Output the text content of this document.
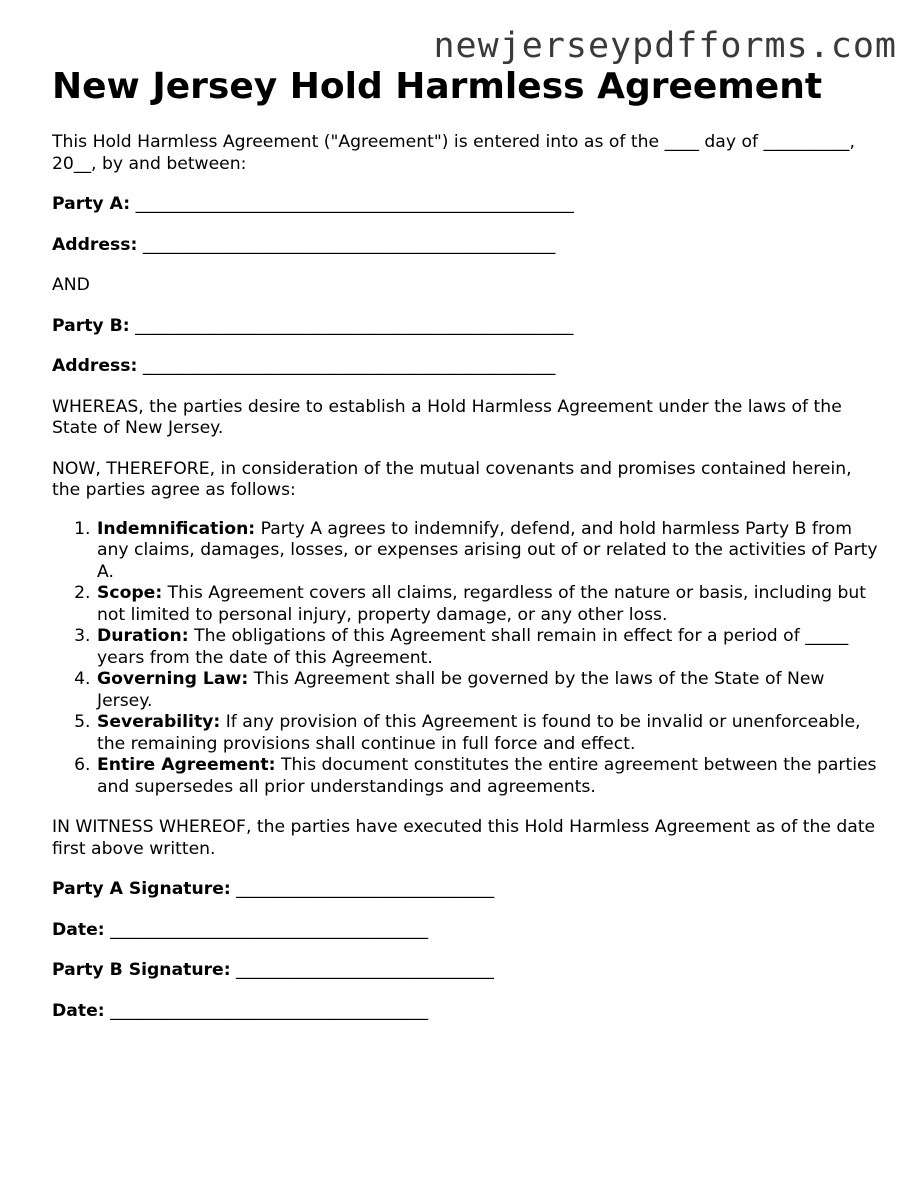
newjerseypdfforms.com
New Jersey Hold Harmless Agreement

This Hold Harmless Agreement ("Agreement") is entered into as of the ____ day of __________, 20__, by and between:

Party A: ___________________________________________________

Address: ________________________________________________

AND

Party B: ___________________________________________________

Address: ________________________________________________

WHEREAS, the parties desire to establish a Hold Harmless Agreement under the laws of the State of New Jersey.

NOW, THEREFORE, in consideration of the mutual covenants and promises contained herein, the parties agree as follows:

1. Indemnification: Party A agrees to indemnify, defend, and hold harmless Party B from any claims, damages, losses, or expenses arising out of or related to the activities of Party A.
2. Scope: This Agreement covers all claims, regardless of the nature or basis, including but not limited to personal injury, property damage, or any other loss.
3. Duration: The obligations of this Agreement shall remain in effect for a period of _____ years from the date of this Agreement.
4. Governing Law: This Agreement shall be governed by the laws of the State of New Jersey.
5. Severability: If any provision of this Agreement is found to be invalid or unenforceable, the remaining provisions shall continue in full force and effect.
6. Entire Agreement: This document constitutes the entire agreement between the parties and supersedes all prior understandings and agreements.

IN WITNESS WHEREOF, the parties have executed this Hold Harmless Agreement as of the date first above written.

Party A Signature: ______________________________

Date: _____________________________________

Party B Signature: ______________________________

Date: _____________________________________
